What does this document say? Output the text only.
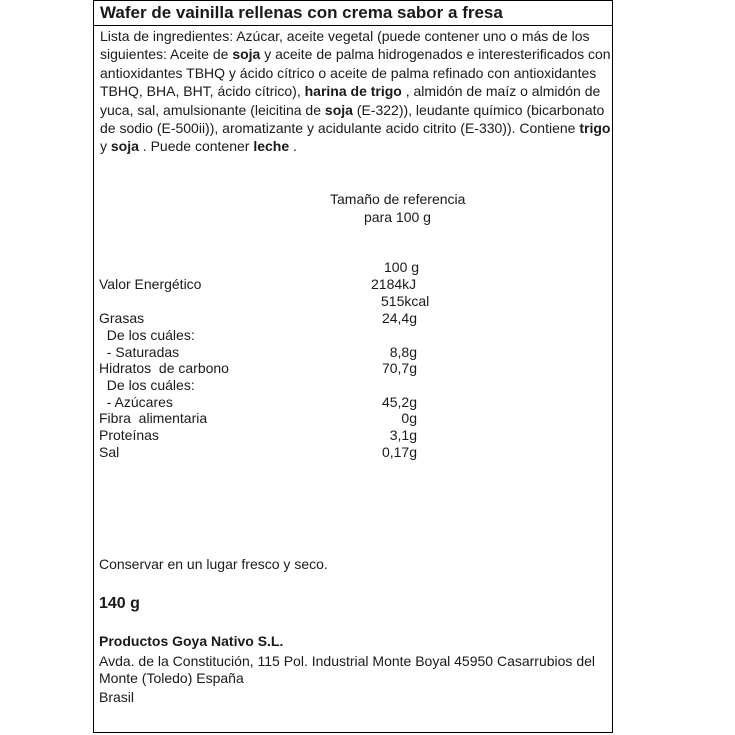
Wafer de vainilla rellenas con crema sabor a fresa
Lista de ingredientes: Azúcar, aceite vegetal (puede contener uno o más de los siguientes: Aceite de soja y aceite de palma hidrogenados e interesterificados con antioxidantes TBHQ y ácido cítrico o aceite de palma refinado con antioxidantes TBHQ, BHA, BHT, ácido cítrico), harina de trigo , almidón de maíz o almidón de yuca, sal, amulsionante (leicitina de soja (E-322)), leudante químico (bicarbonato de sodio (E-500ii)), aromatizante y acidulante acido citrito (E-330)). Contiene trigo y soja . Puede contener leche .
Tamaño de referencia
para 100 g
100 g
Valor Energético	2184kJ
515kcal
Grasas	24,4g
De los cuáles:
- Saturadas	8,8g
Hidratos  de carbono	70,7g
De los cuáles:
- Azúcares	45,2g
Fibra  alimentaria	0g
Proteínas	3,1g
Sal	0,17g
Conservar en un lugar fresco y seco.
140 g
Productos Goya Nativo S.L.
Avda. de la Constitución, 115 Pol. Industrial Monte Boyal 45950 Casarrubios del
Monte (Toledo) España
Brasil
